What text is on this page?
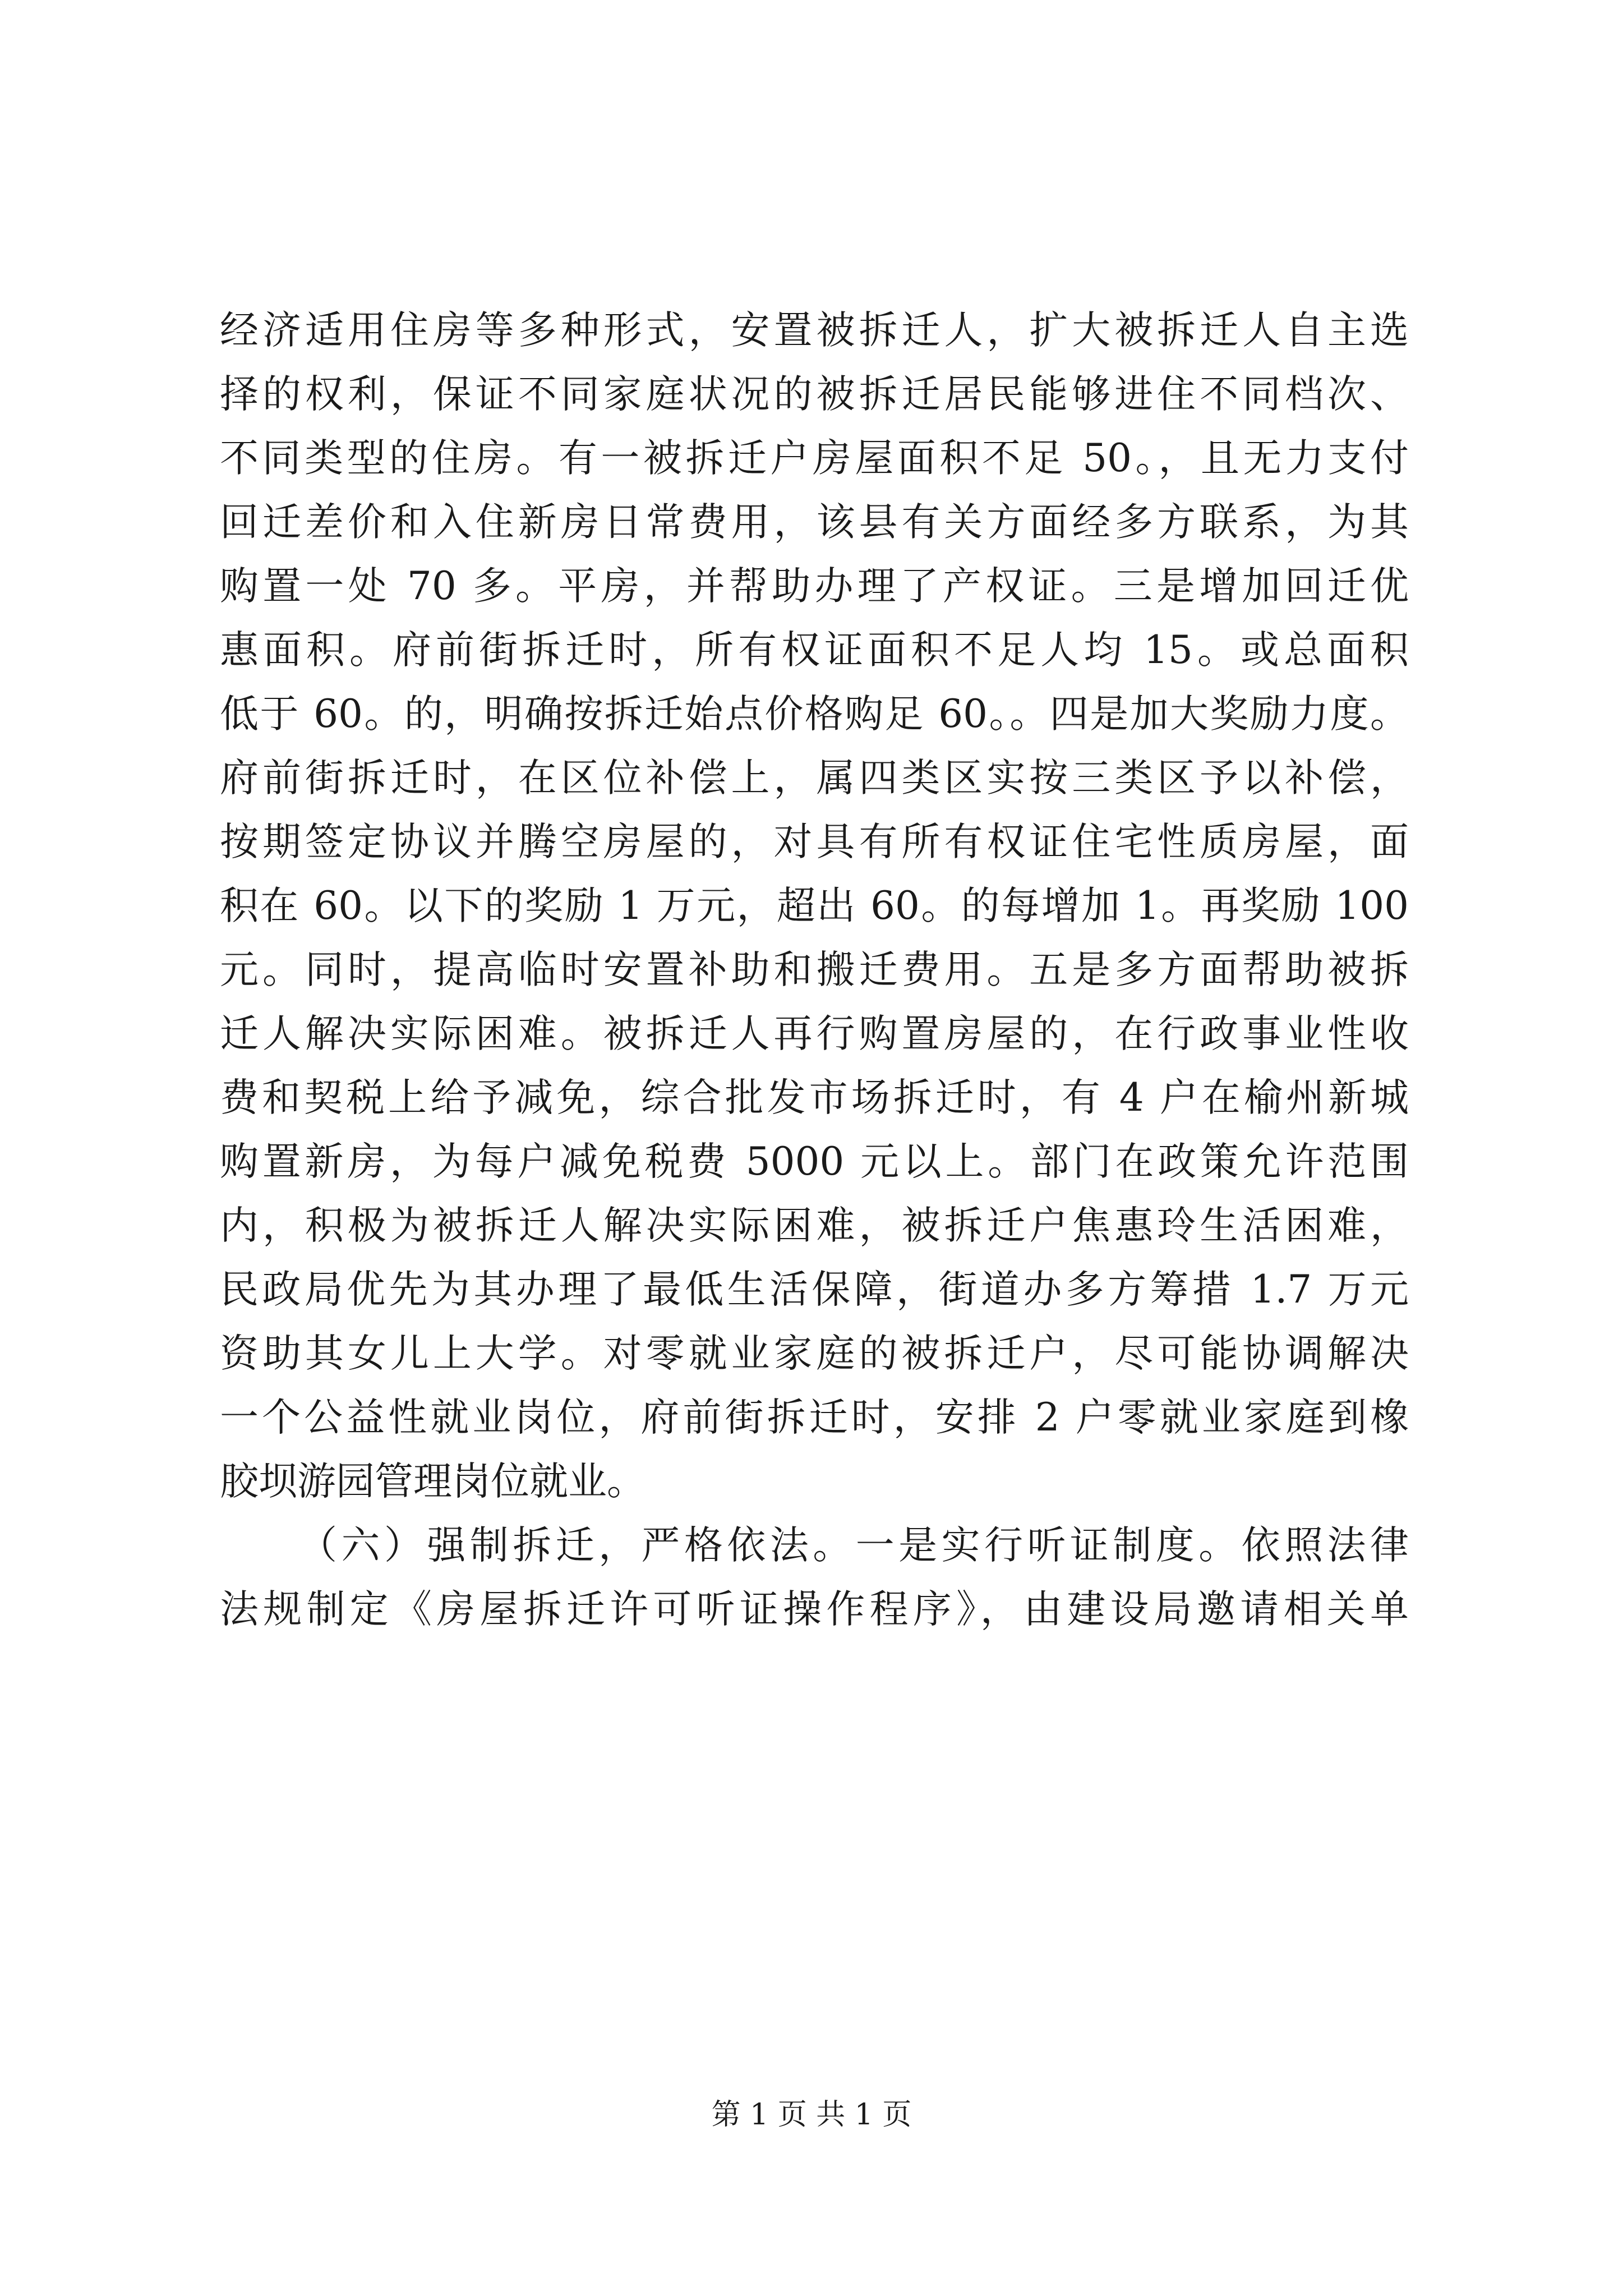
经济适用住房等多种形式，安置被拆迁人，扩大被拆迁人自主选
择的权利，保证不同家庭状况的被拆迁居民能够进住不同档次、
不同类型的住房。有一被拆迁户房屋面积不足 50。，且无力支付
回迁差价和入住新房日常费用，该县有关方面经多方联系，为其
购置一处 70 多。平房，并帮助办理了产权证。三是增加回迁优
惠面积。府前街拆迁时，所有权证面积不足人均 15。或总面积
低于 60。的，明确按拆迁始点价格购足 60。。四是加大奖励力度。
府前街拆迁时，在区位补偿上，属四类区实按三类区予以补偿，
按期签定协议并腾空房屋的，对具有所有权证住宅性质房屋，面
积在 60。以下的奖励 1 万元，超出 60。的每增加 1。再奖励 100
元。同时，提高临时安置补助和搬迁费用。五是多方面帮助被拆
迁人解决实际困难。被拆迁人再行购置房屋的，在行政事业性收
费和契税上给予减免，综合批发市场拆迁时，有 4 户在榆州新城
购置新房，为每户减免税费 5000 元以上。部门在政策允许范围
内，积极为被拆迁人解决实际困难，被拆迁户焦惠玲生活困难，
民政局优先为其办理了最低生活保障，街道办多方筹措 1.7 万元
资助其女儿上大学。对零就业家庭的被拆迁户，尽可能协调解决
一个公益性就业岗位，府前街拆迁时，安排 2 户零就业家庭到橡
胶坝游园管理岗位就业。
（六）强制拆迁，严格依法。一是实行听证制度。依照法律
法规制定《房屋拆迁许可听证操作程序》，由建设局邀请相关单
第 1 页 共 1 页
